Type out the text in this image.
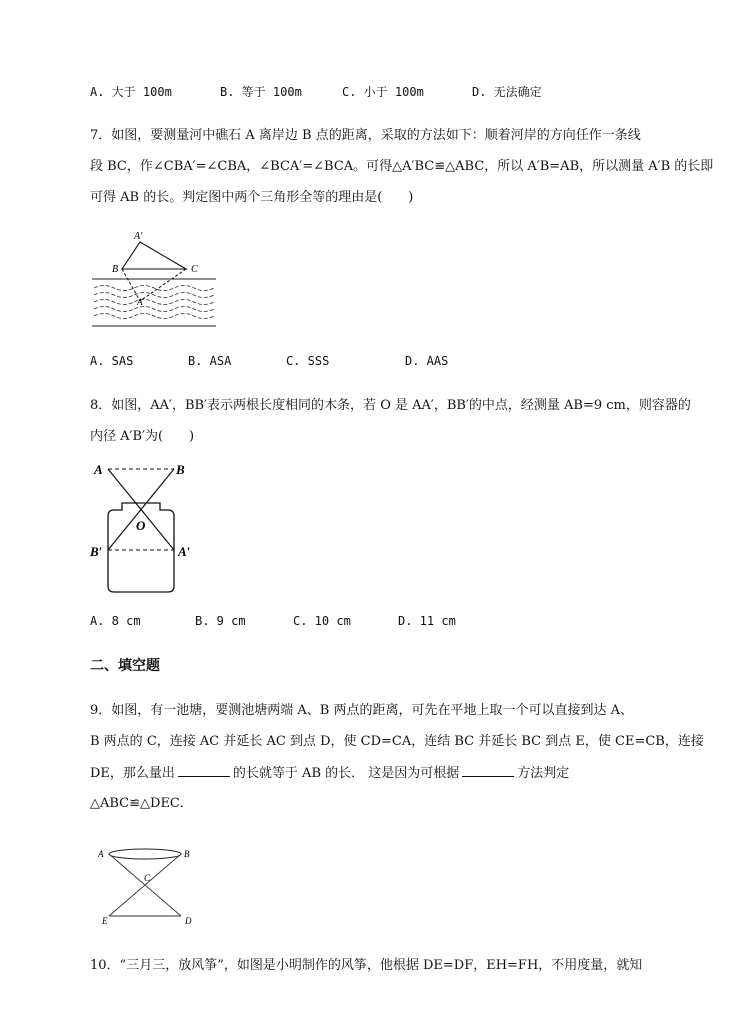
A. 大于 100m	B. 等于 100m	C. 小于 100m	D. 无法确定
7．如图，要测量河中礁石 A 离岸边 B 点的距离，采取的方法如下：顺着河岸的方向任作一条线
段 BC，作∠CBA′=∠CBA，∠BCA′=∠BCA。可得△A′BC≌△ABC，所以 A′B=AB，所以测量 A′B 的长即
可得 AB 的长。判定图中两个三角形全等的理由是(　　)
A′
B	C
A
A. SAS	B. ASA	C. SSS	D. AAS
8．如图，AA′，BB′表示两根长度相同的木条，若 O 是 AA′，BB′的中点，经测量 AB=9 cm，则容器的
内径 A′B′为(　　)
A	B
O
B′	A′
A. 8 cm	B. 9 cm	C. 10 cm	D. 11 cm
二、填空题
9．如图，有一池塘，要测池塘两端 A、B 两点的距离，可先在平地上取一个可以直接到达 A、
B 两点的 C，连接 AC 并延长 AC 到点 D，使 CD=CA，连结 BC 并延长 BC 到点 E，使 CE=CB，连接
DE，那么量出	的长就等于 AB 的长． 这是因为可根据	方法判定
△ABC≌△DEC．
A	B
C
E	D
10．“三月三，放风筝”，如图是小明制作的风筝，他根据 DE=DF，EH=FH，不用度量，就知
